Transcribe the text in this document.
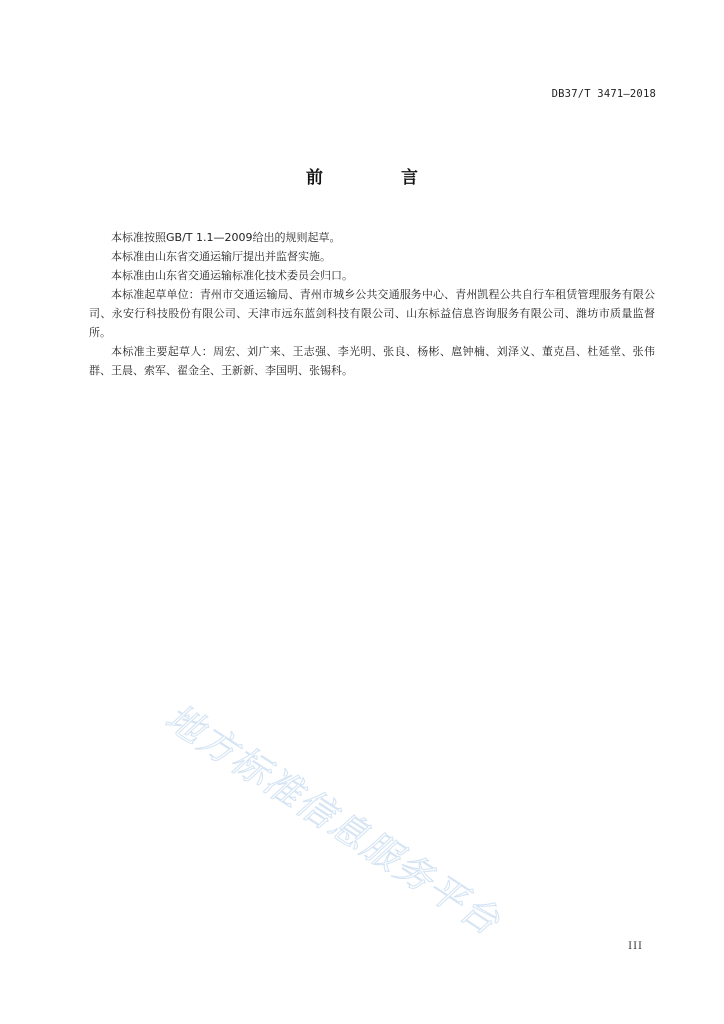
DB37/T 3471—2018
前 言

本标准按照GB/T 1.1—2009给出的规则起草。

本标准由山东省交通运输厅提出并监督实施。

本标准由山东省交通运输标准化技术委员会归口。

本标准起草单位：青州市交通运输局、青州市城乡公共交通服务中心、青州凯程公共自行车租赁管理服务有限公司、永安行科技股份有限公司、天津市远东蓝剑科技有限公司、山东标益信息咨询服务有限公司、潍坊市质量监督所。

本标准主要起草人：周宏、刘广来、王志强、李光明、张良、杨彬、扈钟楠、刘泽义、董克昌、杜延堂、张伟群、王晨、索军、翟金全、王新新、李国明、张锡科。

地方标准信息服务平台
III
